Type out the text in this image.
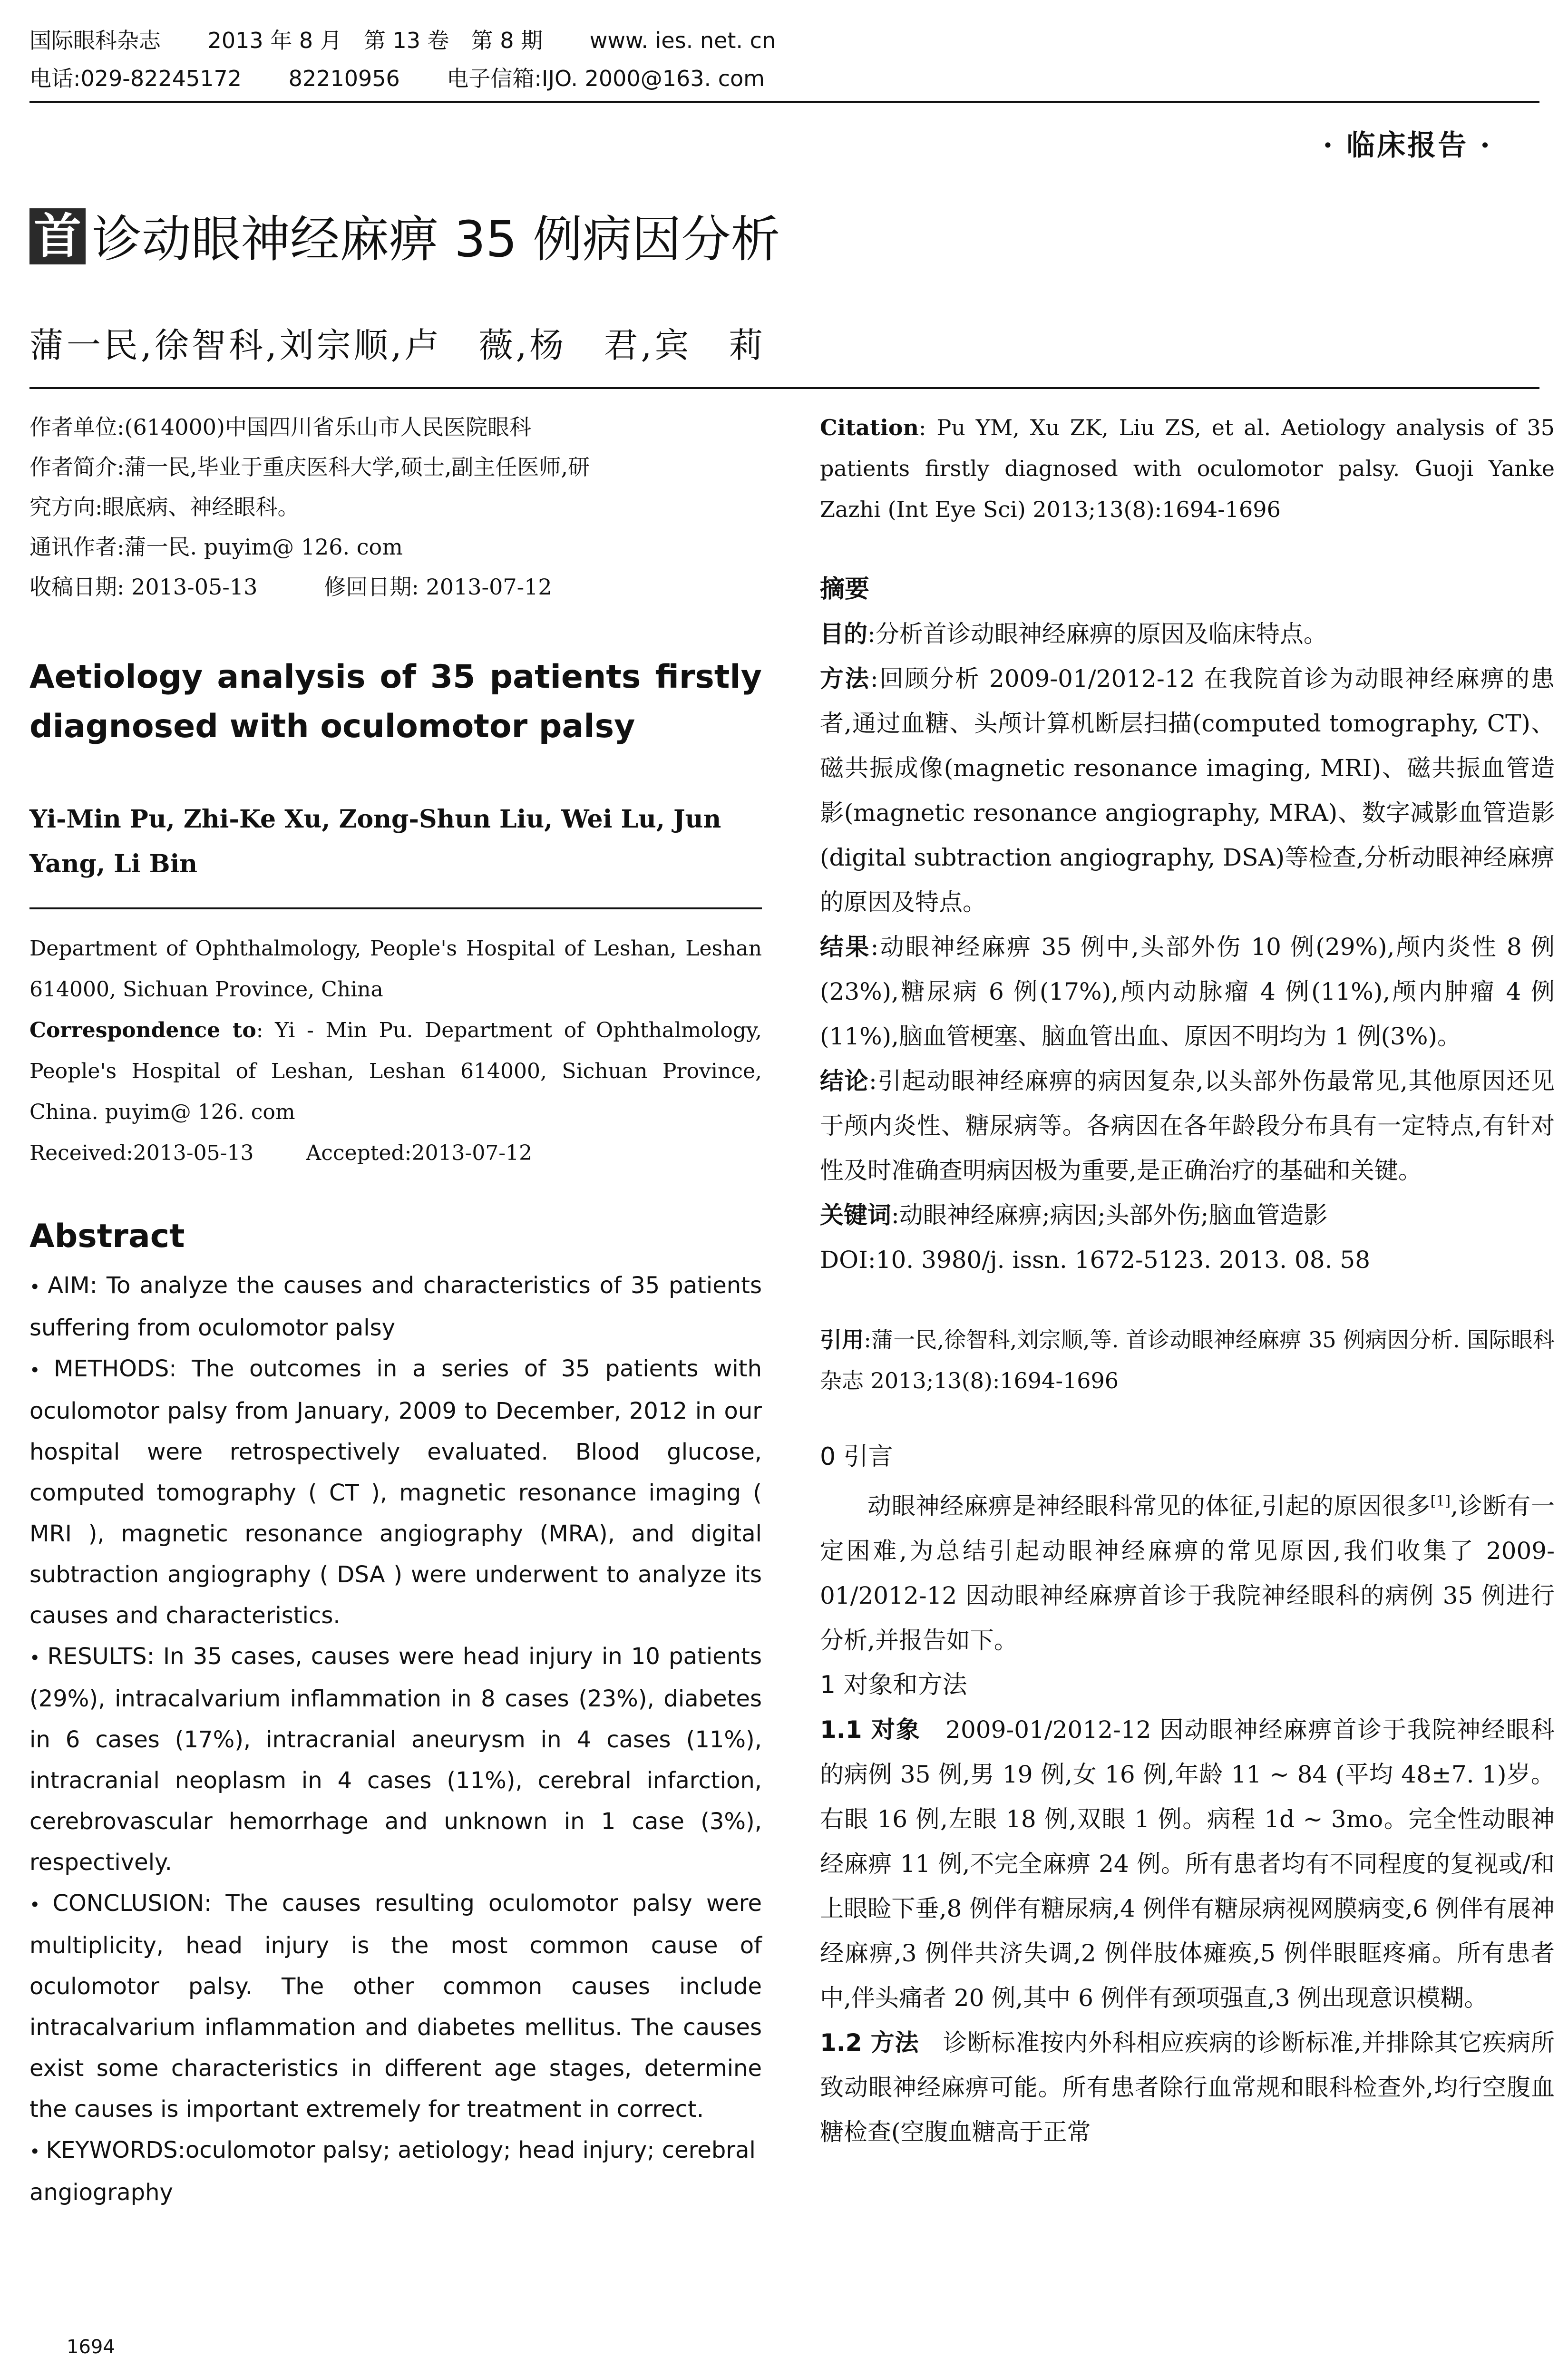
国际眼科杂志 2013 年 8 月　第 13 卷　第 8 期 www. ies. net. cn
电话:029-82245172 82210956 电子信箱:IJO. 2000@163. com
· 临床报告 ·
首 诊动眼神经麻痹 35 例病因分析
蒲一民,徐智科,刘宗顺,卢　薇,杨　君,宾　莉

作者单位:(614000)中国四川省乐山市人民医院眼科

作者简介:蒲一民,毕业于重庆医科大学,硕士,副主任医师,研

究方向:眼底病、神经眼科。

通讯作者:蒲一民. puyim@ 126. com

收稿日期: 2013-05-13	修回日期: 2013-07-12

Aetiology analysis of 35 patients firstly diagnosed with oculomotor palsy
Yi-Min Pu, Zhi-Ke Xu, Zong-Shun Liu, Wei Lu, Jun Yang, Li Bin

Department of Ophthalmology, People's Hospital of Leshan, Leshan 614000, Sichuan Province, China

Correspondence to: Yi - Min Pu. Department of Ophthalmology, People's Hospital of Leshan, Leshan 614000, Sichuan Province, China. puyim@ 126. com

Received:2013-05-13	Accepted:2013-07-12

Abstract

• AIM: To analyze the causes and characteristics of 35 patients suffering from oculomotor palsy

• METHODS: The outcomes in a series of 35 patients with oculomotor palsy from January, 2009 to December, 2012 in our hospital were retrospectively evaluated. Blood glucose, computed tomography ( CT ), magnetic resonance imaging ( MRI ), magnetic resonance angiography (MRA), and digital subtraction angiography ( DSA ) were underwent to analyze its causes and characteristics.

• RESULTS: In 35 cases, causes were head injury in 10 patients (29%), intracalvarium inflammation in 8 cases (23%), diabetes in 6 cases (17%), intracranial aneurysm in 4 cases (11%), intracranial neoplasm in 4 cases (11%), cerebral infarction, cerebrovascular hemorrhage and unknown in 1 case (3%), respectively.

• CONCLUSION: The causes resulting oculomotor palsy were multiplicity, head injury is the most common cause of oculomotor palsy. The other common causes include intracalvarium inflammation and diabetes mellitus. The causes exist some characteristics in different age stages, determine the causes is important extremely for treatment in correct.

• KEYWORDS:oculomotor palsy; aetiology; head injury; cerebral angiography

Citation: Pu YM, Xu ZK, Liu ZS, et al. Aetiology analysis of 35 patients firstly diagnosed with oculomotor palsy. Guoji Yanke Zazhi (Int Eye Sci) 2013;13(8):1694-1696

摘要

目的:分析首诊动眼神经麻痹的原因及临床特点。

方法:回顾分析 2009-01/2012-12 在我院首诊为动眼神经麻痹的患者,通过血糖、头颅计算机断层扫描(computed tomography, CT)、磁共振成像(magnetic resonance imaging, MRI)、磁共振血管造影(magnetic resonance angiography, MRA)、数字减影血管造影(digital subtraction angiography, DSA)等检查,分析动眼神经麻痹的原因及特点。

结果:动眼神经麻痹 35 例中,头部外伤 10 例(29%),颅内炎性 8 例(23%),糖尿病 6 例(17%),颅内动脉瘤 4 例(11%),颅内肿瘤 4 例(11%),脑血管梗塞、脑血管出血、原因不明均为 1 例(3%)。

结论:引起动眼神经麻痹的病因复杂,以头部外伤最常见,其他原因还见于颅内炎性、糖尿病等。各病因在各年龄段分布具有一定特点,有针对性及时准确查明病因极为重要,是正确治疗的基础和关键。

关键词:动眼神经麻痹;病因;头部外伤;脑血管造影

DOI:10. 3980/j. issn. 1672-5123. 2013. 08. 58

引用:蒲一民,徐智科,刘宗顺,等. 首诊动眼神经麻痹 35 例病因分析. 国际眼科杂志 2013;13(8):1694-1696

0 引言

动眼神经麻痹是神经眼科常见的体征,引起的原因很多[1],诊断有一定困难,为总结引起动眼神经麻痹的常见原因,我们收集了 2009-01/2012-12 因动眼神经麻痹首诊于我院神经眼科的病例 35 例进行分析,并报告如下。

1 对象和方法

1.1 对象　2009-01/2012-12 因动眼神经麻痹首诊于我院神经眼科的病例 35 例,男 19 例,女 16 例,年龄 11 ~ 84 (平均 48±7. 1)岁。右眼 16 例,左眼 18 例,双眼 1 例。病程 1d ~ 3mo。完全性动眼神经麻痹 11 例,不完全麻痹 24 例。所有患者均有不同程度的复视或/和上眼睑下垂,8 例伴有糖尿病,4 例伴有糖尿病视网膜病变,6 例伴有展神经麻痹,3 例伴共济失调,2 例伴肢体瘫痪,5 例伴眼眶疼痛。所有患者中,伴头痛者 20 例,其中 6 例伴有颈项强直,3 例出现意识模糊。

1.2 方法　诊断标准按内外科相应疾病的诊断标准,并排除其它疾病所致动眼神经麻痹可能。所有患者除行血常规和眼科检查外,均行空腹血糖检查(空腹血糖高于正常

1694
